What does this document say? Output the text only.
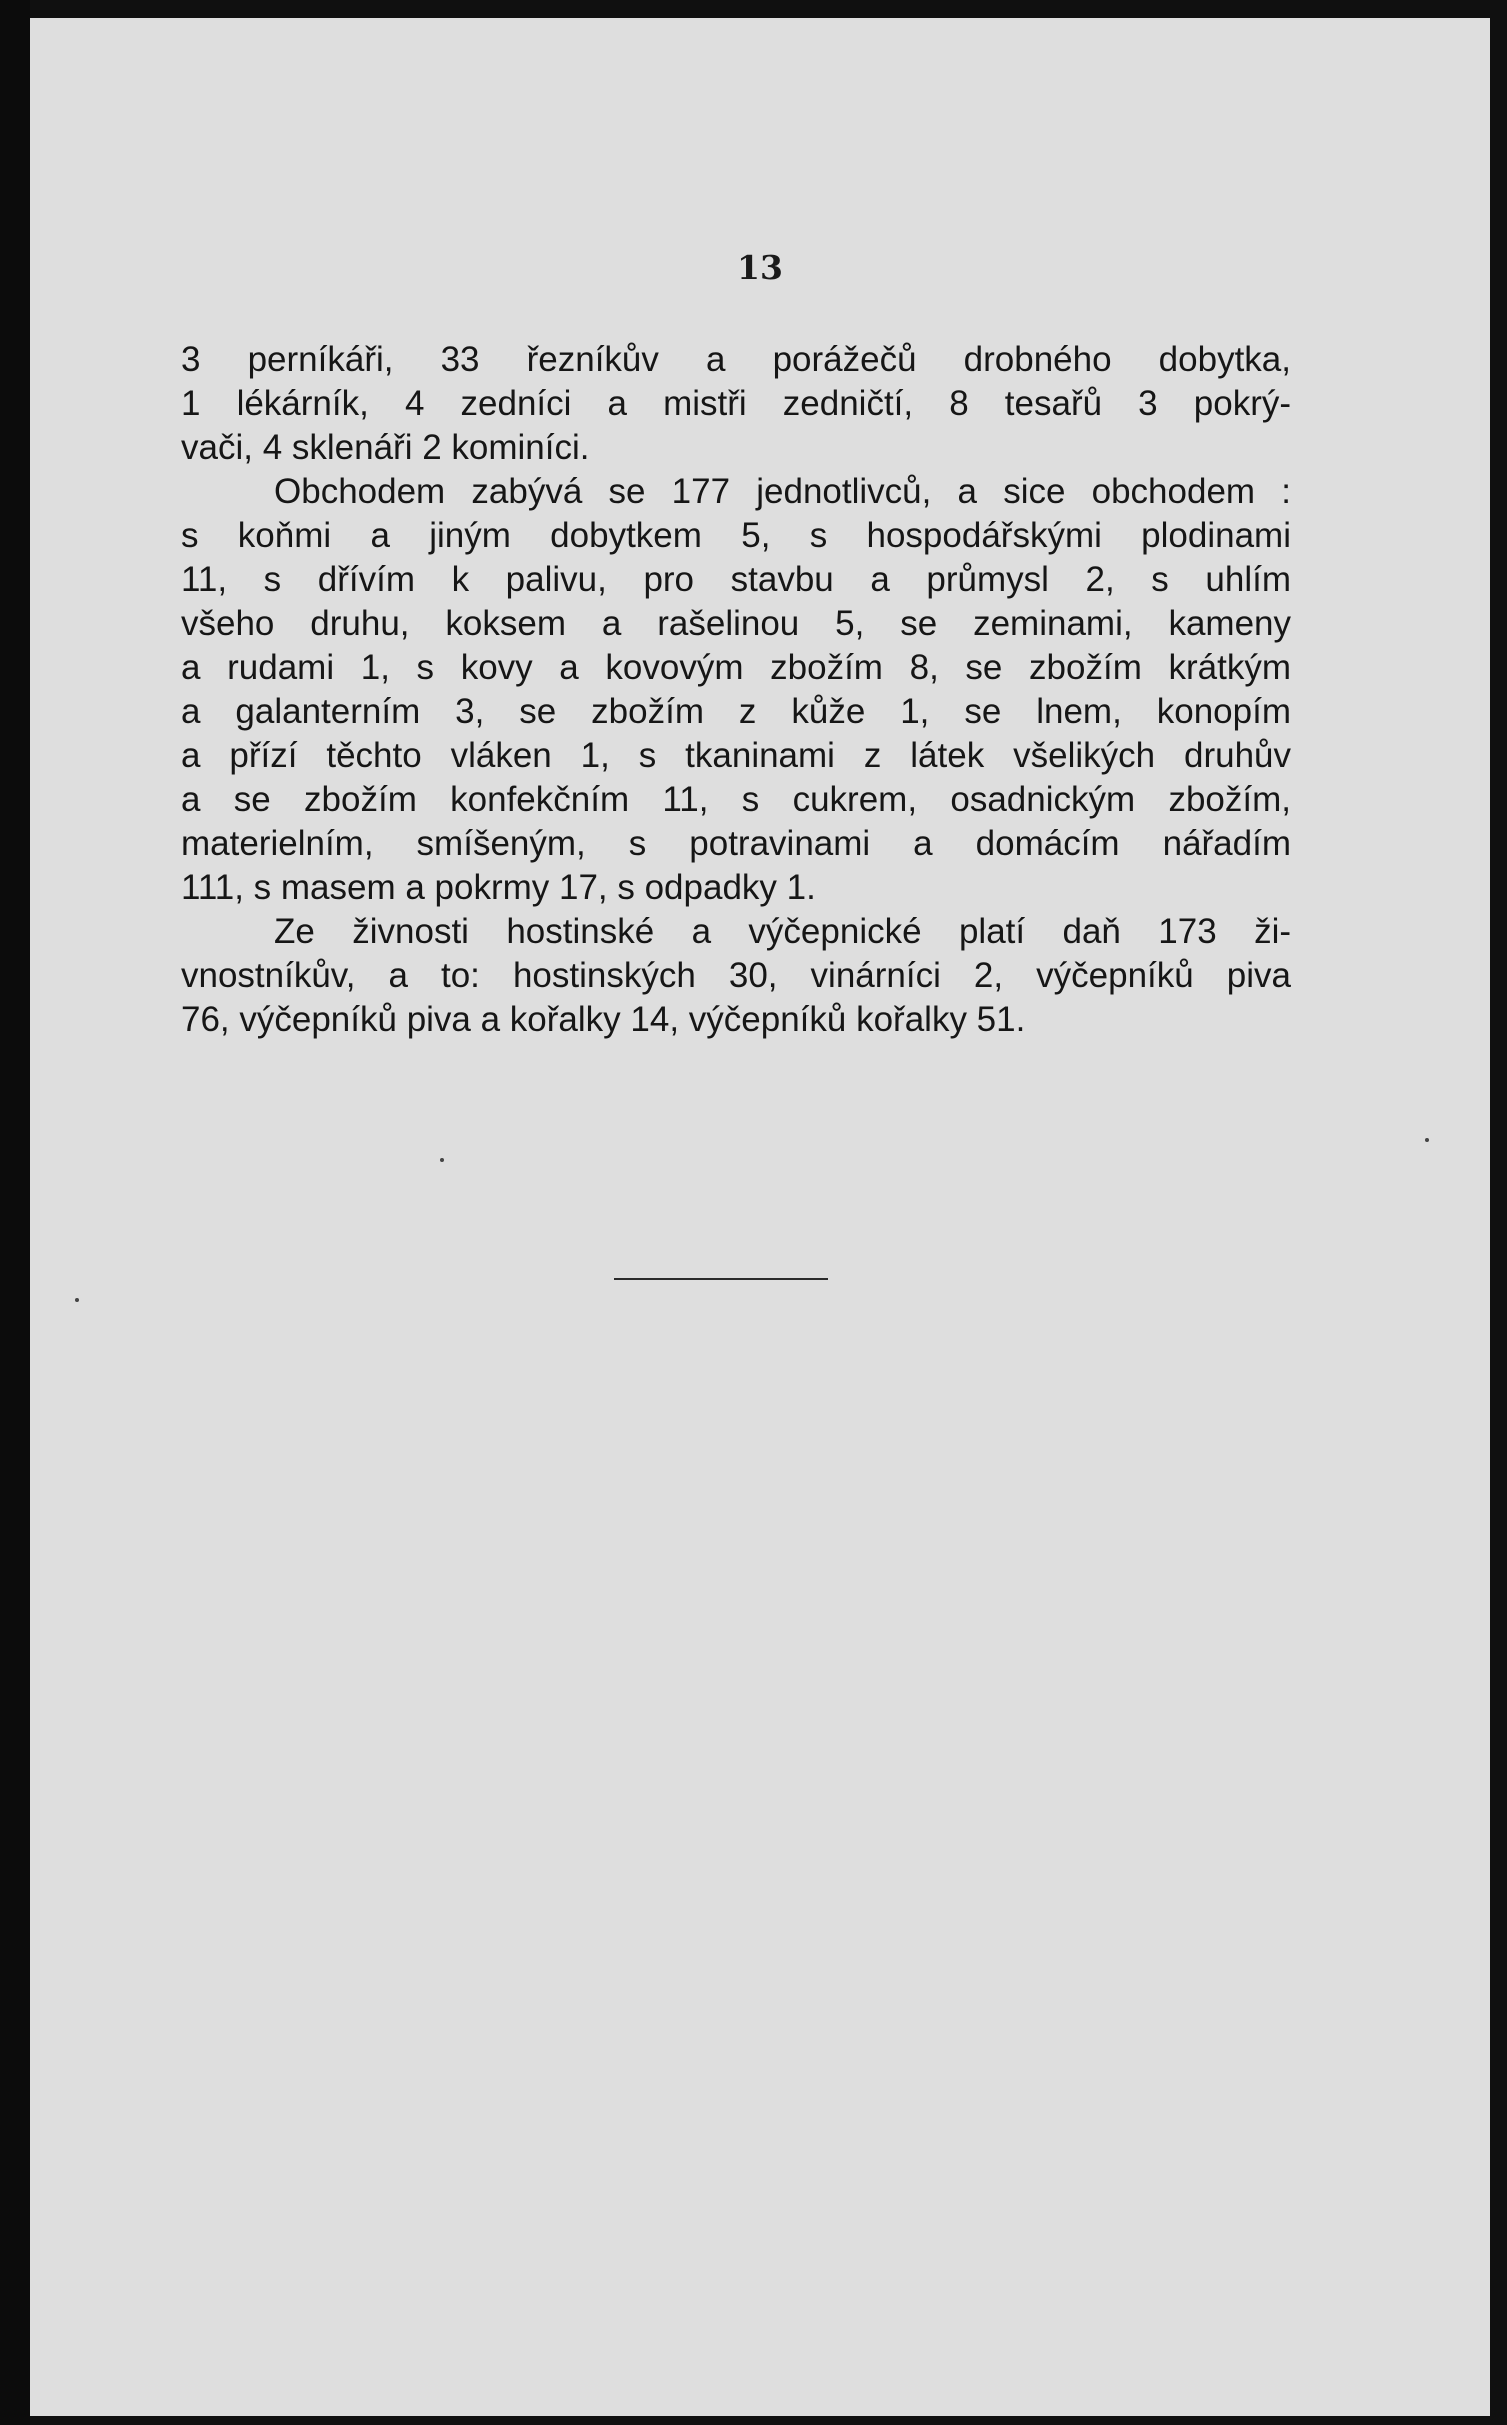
13

3 perníkáři, 33 řezníkův a porážečů drobného dobytka,
1 lékárník, 4 zedníci a mistři zedničtí, 8 tesařů 3 pokrý-
vači, 4 sklenáři 2 kominíci.

Obchodem zabývá se 177 jednotlivců, a sice obchodem :
s koňmi a jiným dobytkem 5, s hospodářskými plodinami
11, s dřívím k palivu, pro stavbu a průmysl 2, s uhlím
všeho druhu, koksem a rašelinou 5, se zeminami, kameny
a rudami 1, s kovy a kovovým zbožím 8, se zbožím krátkým
a galanterním 3, se zbožím z kůže 1, se lnem, konopím
a přízí těchto vláken 1, s tkaninami z látek všelikých druhův
a se zbožím konfekčním 11, s cukrem, osadnickým zbožím,
materielním, smíšeným, s potravinami a domácím nářadím
111, s masem a pokrmy 17, s odpadky 1.

Ze živnosti hostinské a výčepnické platí daň 173 ži-
vnostníkův, a to: hostinských 30, vinárníci 2, výčepníků piva
76, výčepníků piva a kořalky 14, výčepníků kořalky 51.
